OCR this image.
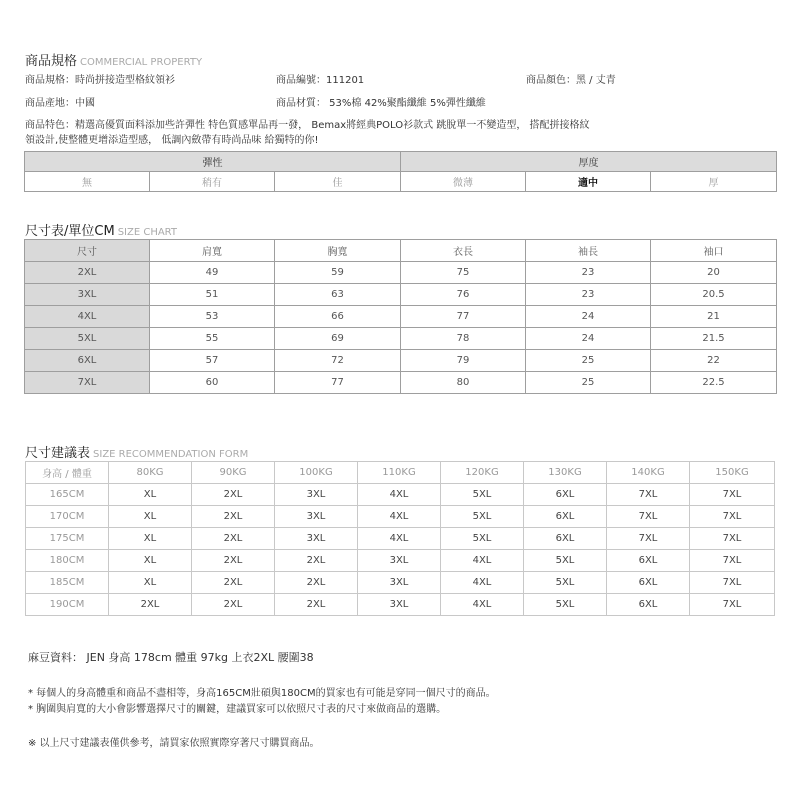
商品規格 COMMERCIAL PROPERTY
商品規格：時尚拼接造型格紋領衫	商品編號：111201	商品顏色：黑 / 丈青
商品產地：中國	商品材質： 53%棉 42%聚酯纖維 5%彈性纖維
商品特色：精選高優質面料添加些許彈性 特色質感單品再一發， Bemax將經典POLO衫款式 跳脫單一不變造型， 搭配拼接格紋
領設計,使整體更增添造型感， 低調內斂帶有時尚品味 給獨特的你!
彈性			厚度		
無	稍有	佳	微薄	適中	厚
尺寸表/單位CM SIZE CHART
尺寸	肩寬	胸寬	衣長	袖長	袖口
2XL	49	59	75	23	20
3XL	51	63	76	23	20.5
4XL	53	66	77	24	21
5XL	55	69	78	24	21.5
6XL	57	72	79	25	22
7XL	60	77	80	25	22.5
尺寸建議表 SIZE RECOMMENDATION FORM
身高 / 體重	80KG	90KG	100KG	110KG	120KG	130KG	140KG	150KG
165CM	XL	2XL	3XL	4XL	5XL	6XL	7XL	7XL
170CM	XL	2XL	3XL	4XL	5XL	6XL	7XL	7XL
175CM	XL	2XL	3XL	4XL	5XL	6XL	7XL	7XL
180CM	XL	2XL	2XL	3XL	4XL	5XL	6XL	7XL
185CM	XL	2XL	2XL	3XL	4XL	5XL	6XL	7XL
190CM	2XL	2XL	2XL	3XL	4XL	5XL	6XL	7XL
麻豆資料： JEN 身高 178cm 體重 97kg 上衣2XL 腰圍38
* 每個人的身高體重和商品不盡相等，身高165CM壯碩與180CM的買家也有可能是穿同一個尺寸的商品。
* 胸圍與肩寬的大小會影響選擇尺寸的關鍵，建議買家可以依照尺寸表的尺寸來做商品的選購。
※ 以上尺寸建議表僅供參考，請買家依照實際穿著尺寸購買商品。
